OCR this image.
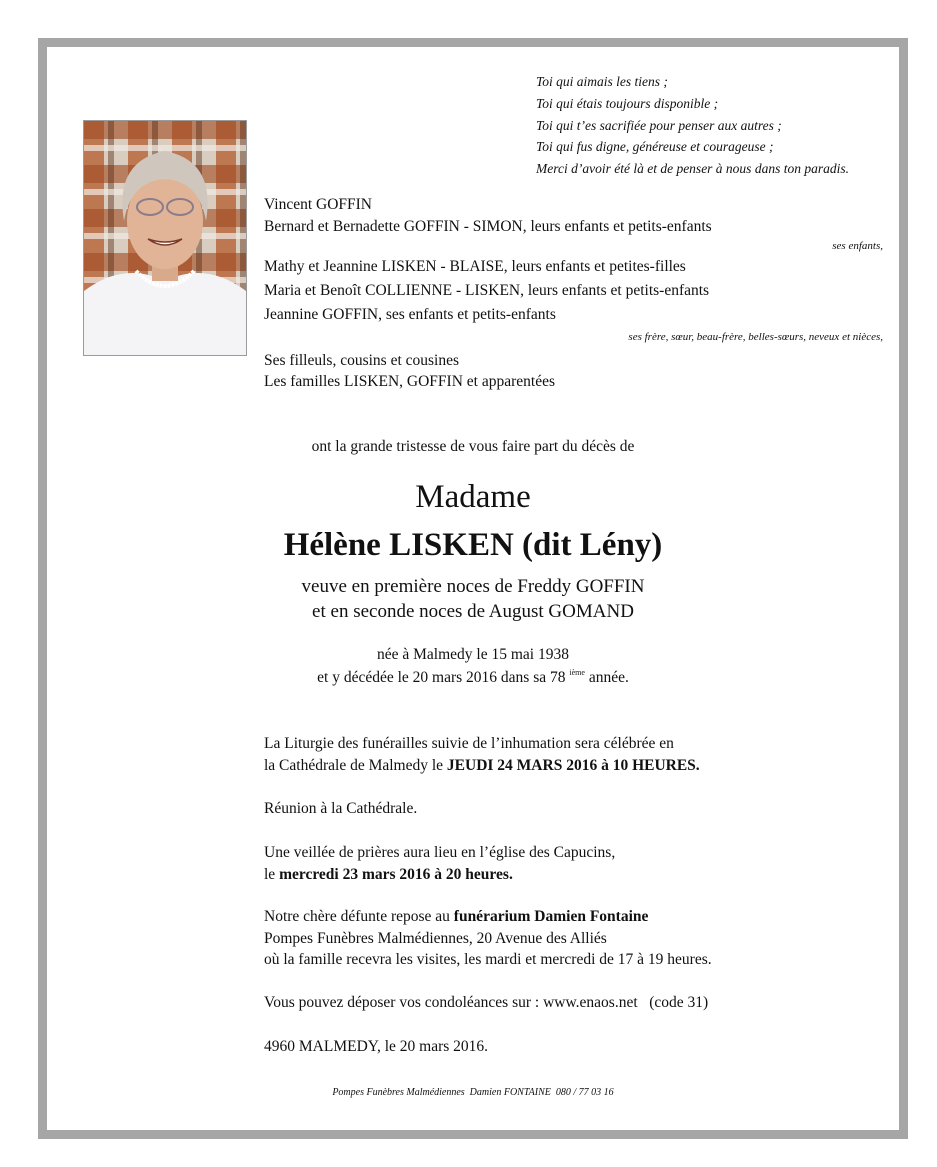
Toi qui aimais les tiens ;
Toi qui étais toujours disponible ;
Toi qui t’es sacrifiée pour penser aux autres ;
Toi qui fus digne, généreuse et courageuse ;
Merci d’avoir été là et de penser à nous dans ton paradis.
Vincent GOFFIN
Bernard et Bernadette GOFFIN - SIMON, leurs enfants et petits-enfants
ses enfants,
Mathy et Jeannine LISKEN - BLAISE, leurs enfants et petites-filles
Maria et Benoît COLLIENNE - LISKEN, leurs enfants et petits-enfants
Jeannine GOFFIN, ses enfants et petits-enfants
ses frère, sœur, beau-frère, belles-sœurs, neveux et nièces,
Ses filleuls, cousins et cousines
Les familles LISKEN, GOFFIN et apparentées
ont la grande tristesse de vous faire part du décès de
Madame
Hélène LISKEN (dit Lény)
veuve en première noces de Freddy GOFFIN
et en seconde noces de August GOMAND
née à Malmedy le 15 mai 1938
et y décédée le 20 mars 2016 dans sa 78 $^{ième}$ année.
La Liturgie des funérailles suivie de l’inhumation sera célébrée en
la Cathédrale de Malmedy le JEUDI 24 MARS 2016 à 10 HEURES.
Réunion à la Cathédrale.
Une veillée de prières aura lieu en l’église des Capucins,
le mercredi 23 mars 2016 à 20 heures.
Notre chère défunte repose au funérarium Damien Fontaine
Pompes Funèbres Malmédiennes, 20 Avenue des Alliés
où la famille recevra les visites, les mardi et mercredi de 17 à 19 heures.
Vous pouvez déposer vos condoléances sur : www.enaos.net   (code 31)
4960 MALMEDY, le 20 mars 2016.
Pompes Funèbres Malmédiennes  Damien FONTAINE  080 / 77 03 16
